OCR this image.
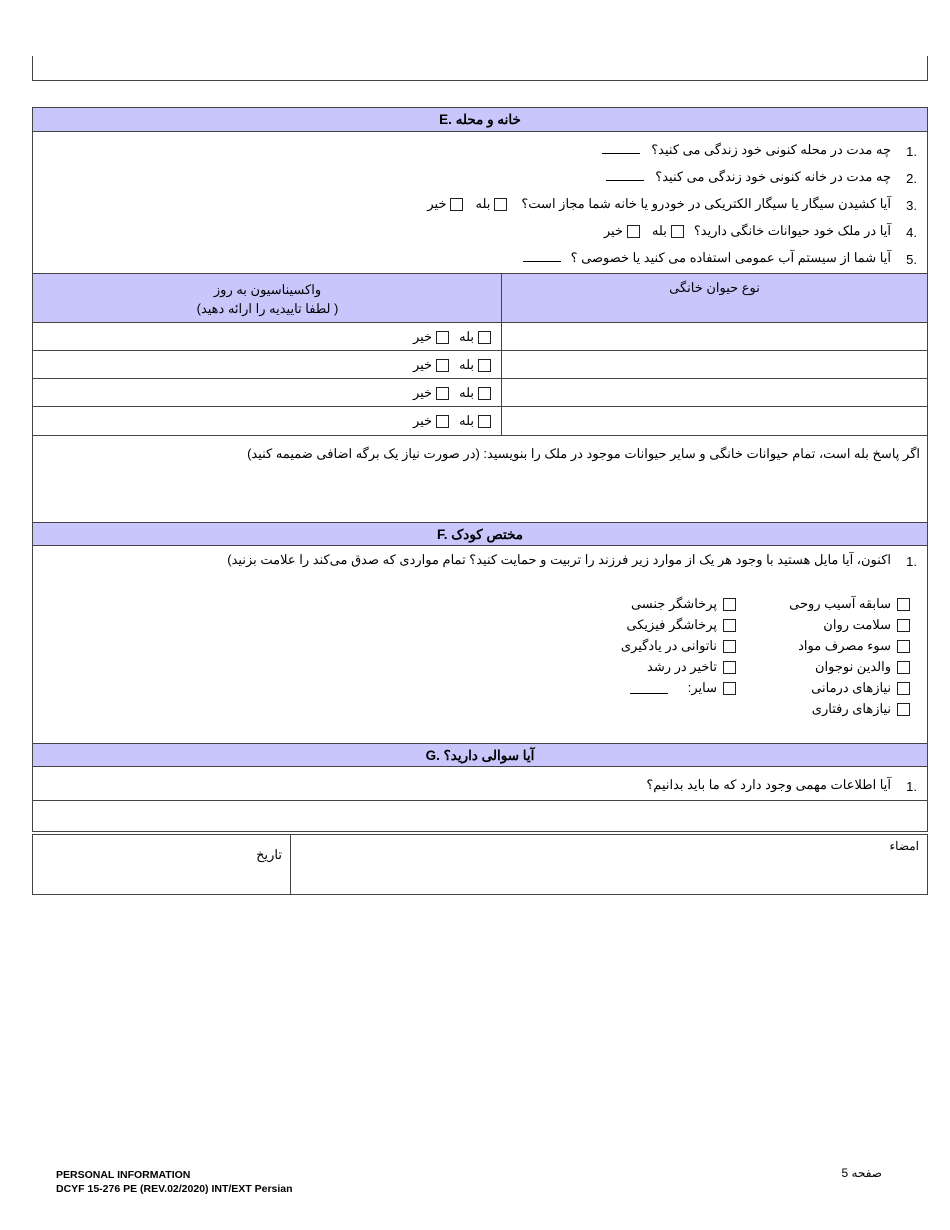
E. خانه و محله
1.
چه مدت در محله کنونی خود زندگی می کنید؟
2.
چه مدت در خانه کنونی خود زندگی می کنید؟
3.
آیا کشیدن سیگار یا سیگار الکتریکی در خودرو یا خانه شما مجاز است؟
بله
خیر
4.
آیا در ملک خود حیوانات خانگی دارید؟
بله
خیر
5.
آیا شما از سیستم آب عمومی استفاده می کنید یا خصوصی ؟
نوع حیوان خانگی
واکسیناسیون به روز
( لطفا تاییدیه را ارائه دهید)
بله
خیر
بله
خیر
بله
خیر
بله
خیر
اگر پاسخ بله است، تمام حیوانات خانگی و سایر حیوانات موجود در ملک را بنویسید: (در صورت نیاز یک برگه اضافی ضمیمه کنید)
F. مختص کودک
1.
اکنون، آیا مایل هستید با وجود هر یک از موارد زیر فرزند را تربیت و حمایت کنید؟ تمام مواردی که صدق می‌کند را علامت بزنید)
سابقه آسیب روحی
سلامت روان
سوء مصرف مواد
والدین نوجوان
نیازهای درمانی
نیازهای رفتاری
پرخاشگر جنسی
پرخاشگر فیزیکی
ناتوانی در یادگیری
تاخیر در رشد
سایر:
G. آیا سوالی دارید؟
1.
آیا اطلاعات مهمی وجود دارد که ما باید بدانیم؟
امضاء
تاریخ
PERSONAL INFORMATION
DCYF 15-276 PE (REV.02/2020) INT/EXT Persian
صفحه 5
